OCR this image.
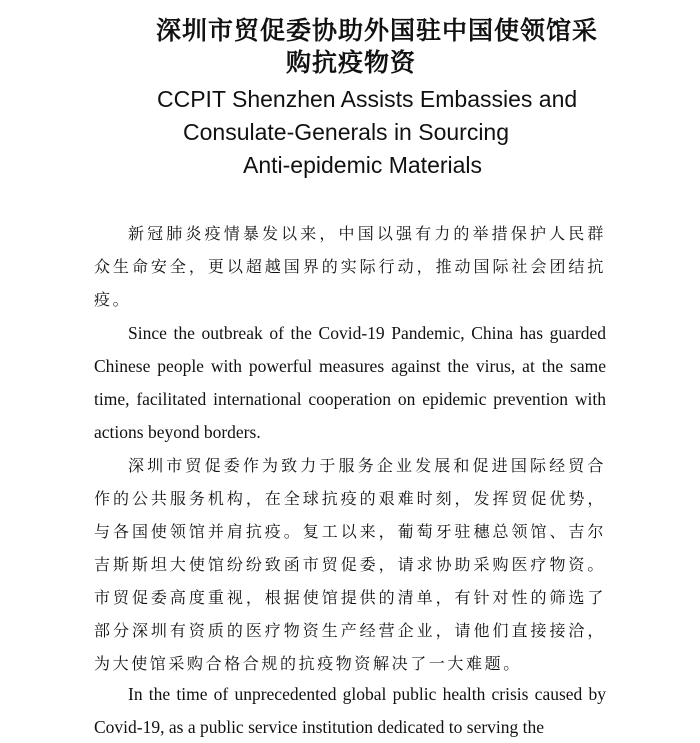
深圳市贸促委协助外国驻中国使领馆采
购抗疫物资
CCPIT Shenzhen Assists Embassies and
Consulate-Generals in Sourcing
Anti-epidemic Materials

新冠肺炎疫情暴发以来，中国以强有力的举措保护人民群众生命安全，更以超越国界的实际行动，推动国际社会团结抗疫。

Since the outbreak of the Covid-19 Pandemic, China has guarded Chinese people with powerful measures against the virus, at the same time, facilitated international cooperation on epidemic prevention with actions beyond borders.

深圳市贸促委作为致力于服务企业发展和促进国际经贸合作的公共服务机构，在全球抗疫的艰难时刻，发挥贸促优势，与各国使领馆并肩抗疫。复工以来，葡萄牙驻穗总领馆、吉尔吉斯斯坦大使馆纷纷致函市贸促委，请求协助采购医疗物资。市贸促委高度重视，根据使馆提供的清单，有针对性的筛选了部分深圳有资质的医疗物资生产经营企业，请他们直接接洽，为大使馆采购合格合规的抗疫物资解决了一大难题。

In the time of unprecedented global public health crisis caused by Covid-19, as a public service institution dedicated to serving the
